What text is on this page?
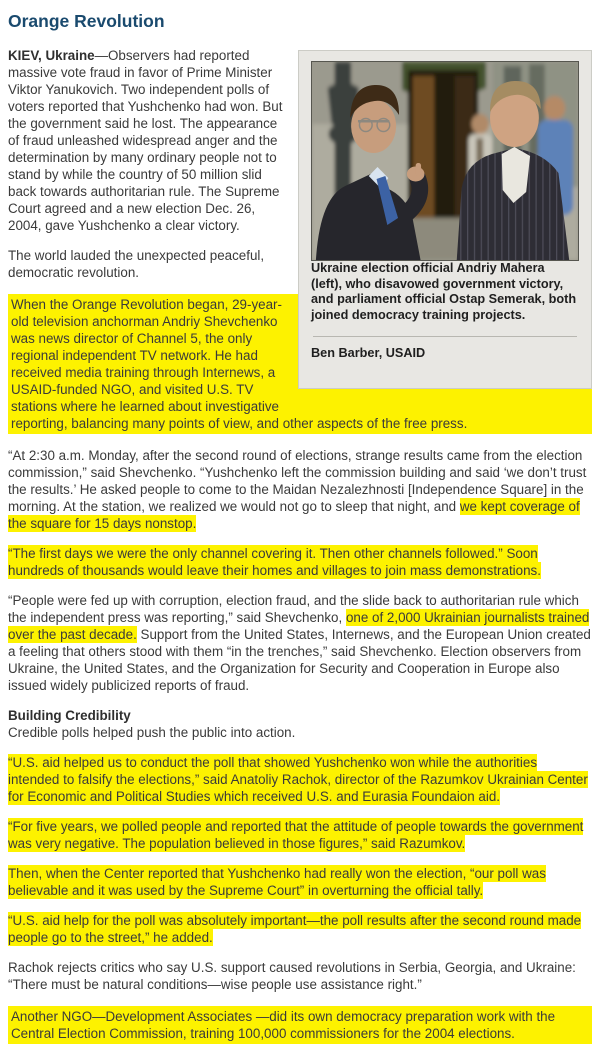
Orange Revolution

Ukraine election official Andriy Mahera (left), who disavowed government victory, and parliament official Ostap Semerak, both joined democracy training projects.

Ben Barber, USAID

KIEV, Ukraine—Observers had reported massive vote fraud in favor of Prime Minister Viktor Yanukovich. Two independent polls of voters reported that Yushchenko had won. But the government said he lost. The appearance of fraud unleashed widespread anger and the determination by many ordinary people not to stand by while the country of 50 million slid back towards authoritarian rule. The Supreme Court agreed and a new election Dec. 26, 2004, gave Yushchenko a clear victory.

The world lauded the unexpected peaceful, democratic revolution.

When the Orange Revolution began, 29-year-old television anchorman Andriy Shevchenko was news director of Channel 5, the only regional independent TV network. He had received media training through Internews, a USAID-funded NGO, and visited U.S. TV stations where he learned about investigative reporting, balancing many points of view, and other aspects of the free press.

“At 2:30 a.m. Monday, after the second round of elections, strange results came from the election commission,” said Shevchenko. “Yushchenko left the commission building and said ‘we don’t trust the results.’ He asked people to come to the Maidan Nezalezhnosti [Independence Square] in the morning. At the station, we realized we would not go to sleep that night, and we kept coverage of the square for 15 days nonstop.

“The first days we were the only channel covering it. Then other channels followed.” Soon hundreds of thousands would leave their homes and villages to join mass demonstrations.

“People were fed up with corruption, election fraud, and the slide back to authoritarian rule which the independent press was reporting,” said Shevchenko, one of 2,000 Ukrainian journalists trained over the past decade. Support from the United States, Internews, and the European Union created a feeling that others stood with them “in the trenches,” said Shevchenko. Election observers from Ukraine, the United States, and the Organization for Security and Cooperation in Europe also issued widely publicized reports of fraud.

Building Credibility

Credible polls helped push the public into action.

“U.S. aid helped us to conduct the poll that showed Yushchenko won while the authorities intended to falsify the elections,” said Anatoliy Rachok, director of the Razumkov Ukrainian Center for Economic and Political Studies which received U.S. and Eurasia Foundaion aid.

“For five years, we polled people and reported that the attitude of people towards the government was very negative. The population believed in those figures,” said Razumkov.

Then, when the Center reported that Yushchenko had really won the election, “our poll was believable and it was used by the Supreme Court” in overturning the official tally.

“U.S. aid help for the poll was absolutely important—the poll results after the second round made people go to the street,” he added.

Rachok rejects critics who say U.S. support caused revolutions in Serbia, Georgia, and Ukraine: “There must be natural conditions—wise people use assistance right.”

Another NGO—Development Associates —did its own democracy preparation work with the Central Election Commission, training 100,000 commissioners for the 2004 elections.
